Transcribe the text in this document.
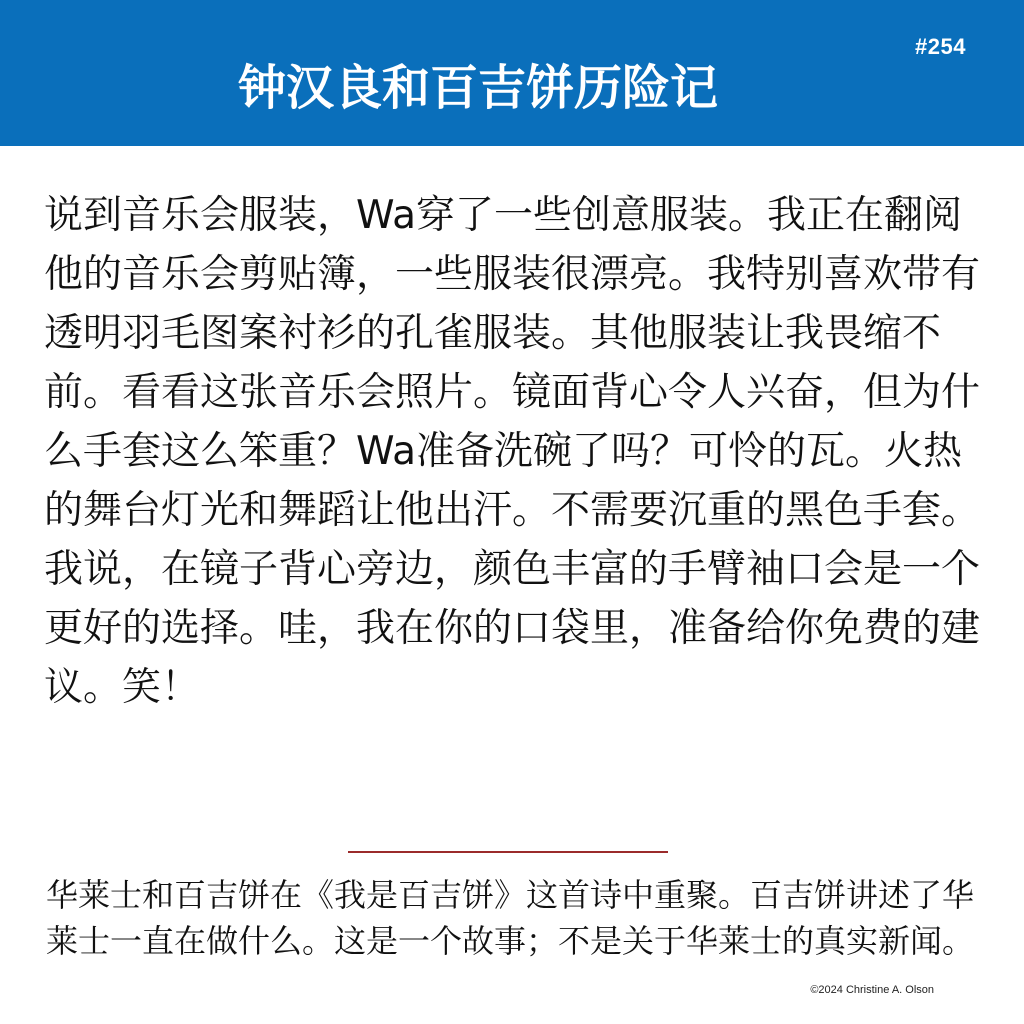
钟汉良和百吉饼历险记
#254

说到音乐会服装，Wa穿了一些创意服装。我正在翻阅他的音乐会剪贴簿，一些服装很漂亮。我特别喜欢带有透明羽毛图案衬衫的孔雀服装。其他服装让我畏缩不前。看看这张音乐会照片。镜面背心令人兴奋，但为什么手套这么笨重？Wa准备洗碗了吗？可怜的瓦。火热的舞台灯光和舞蹈让他出汗。不需要沉重的黑色手套。我说，在镜子背心旁边，颜色丰富的手臂袖口会是一个更好的选择。哇，我在你的口袋里，准备给你免费的建议。笑！

华莱士和百吉饼在《我是百吉饼》这首诗中重聚。百吉饼讲述了华莱士一直在做什么。这是一个故事；不是关于华莱士的真实新闻。

©2024 Christine A. Olson
